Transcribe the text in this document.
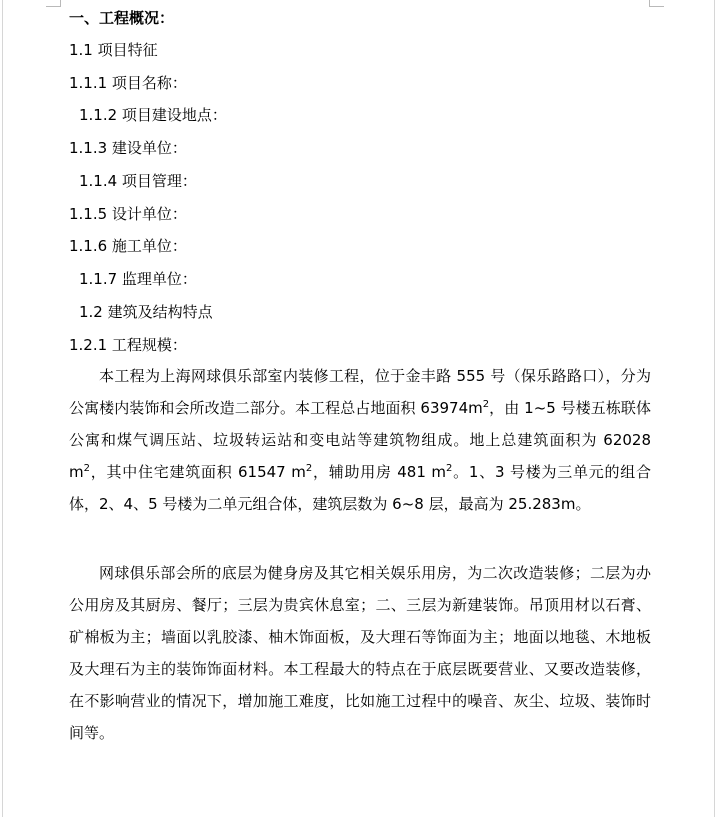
一、工程概况：
1.1 项目特征
1.1.1 项目名称：
1.1.2 项目建设地点：
1.1.3 建设单位：
1.1.4 项目管理：
1.1.5 设计单位：
1.1.6 施工单位：
1.1.7 监理单位：
1.2 建筑及结构特点
1.2.1 工程规模：

本工程为上海网球俱乐部室内装修工程，位于金丰路 555 号（保乐路路口），分为公寓楼内装饰和会所改造二部分。本工程总占地面积 $63974m^2$，由 1~5 号楼五栋联体公寓和煤气调压站、垃圾转运站和变电站等建筑物组成。地上总建筑面积为 62028 $m^2$，其中住宅建筑面积 61547 $m^2$，辅助用房 481 $m^2$。1、3 号楼为三单元的组合体，2、4、5 号楼为二单元组合体，建筑层数为 6~8 层，最高为 25.283m。

网球俱乐部会所的底层为健身房及其它相关娱乐用房，为二次改造装修；二层为办公用房及其厨房、餐厅；三层为贵宾休息室；二、三层为新建装饰。吊顶用材以石膏、矿棉板为主；墙面以乳胶漆、柚木饰面板，及大理石等饰面为主；地面以地毯、木地板及大理石为主的装饰饰面材料。本工程最大的特点在于底层既要营业、又要改造装修，在不影响营业的情况下，增加施工难度，比如施工过程中的噪音、灰尘、垃圾、装饰时间等。
